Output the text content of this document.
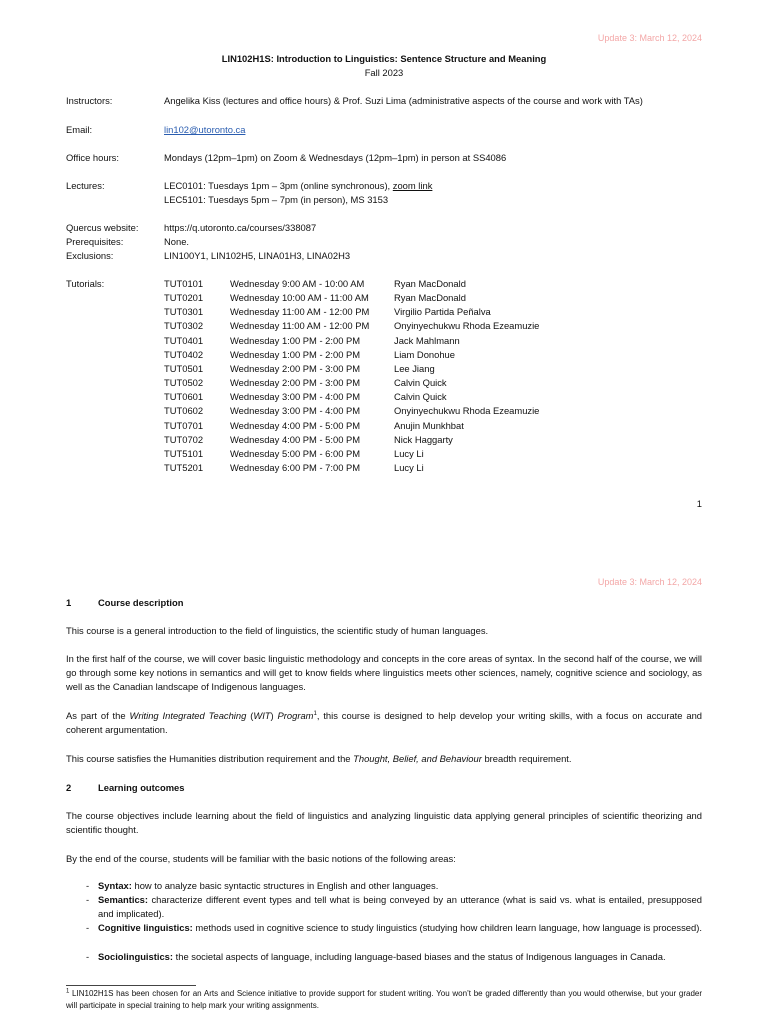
Update 3: March 12, 2024
LIN102H1S: Introduction to Linguistics: Sentence Structure and Meaning
Fall 2023
Instructors:	Angelika Kiss (lectures and office hours) & Prof. Suzi Lima (administrative aspects of the course and work with TAs)
Email:	lin102@utoronto.ca
Office hours:	Mondays (12pm–1pm) on Zoom & Wednesdays (12pm–1pm) in person at SS4086
Lectures:	LEC0101: Tuesdays 1pm – 3pm (online synchronous), zoom link
LEC5101: Tuesdays 5pm – 7pm (in person), MS 3153
Quercus website:	https://q.utoronto.ca/courses/338087
Prerequisites:	None.
Exclusions:	LIN100Y1, LIN102H5, LINA01H3, LINA02H3
Tutorials:	TUT0101	Wednesday 9:00 AM - 10:00 AM	Ryan MacDonald
TUT0201	Wednesday 10:00 AM - 11:00 AM	Ryan MacDonald
TUT0301	Wednesday 11:00 AM - 12:00 PM	Virgilio Partida Peñalva
TUT0302	Wednesday 11:00 AM - 12:00 PM	Onyinyechukwu Rhoda Ezeamuzie
TUT0401	Wednesday 1:00 PM - 2:00 PM	Jack Mahlmann
TUT0402	Wednesday 1:00 PM - 2:00 PM	Liam Donohue
TUT0501	Wednesday 2:00 PM - 3:00 PM	Lee Jiang
TUT0502	Wednesday 2:00 PM - 3:00 PM	Calvin Quick
TUT0601	Wednesday 3:00 PM - 4:00 PM	Calvin Quick
TUT0602	Wednesday 3:00 PM - 4:00 PM	Onyinyechukwu Rhoda Ezeamuzie
TUT0701	Wednesday 4:00 PM - 5:00 PM	Anujin Munkhbat
TUT0702	Wednesday 4:00 PM - 5:00 PM	Nick Haggarty
TUT5101	Wednesday 5:00 PM - 6:00 PM	Lucy Li
TUT5201	Wednesday 6:00 PM - 7:00 PM	Lucy Li
1
Update 3: March 12, 2024
1	Course description
This course is a general introduction to the field of linguistics, the scientific study of human languages.
In the first half of the course, we will cover basic linguistic methodology and concepts in the core areas of syntax. In the second half of the course, we will go through some key notions in semantics and will get to know fields where linguistics meets other sciences, namely, cognitive science and sociology, as well as the Canadian landscape of Indigenous languages.
As part of the Writing Integrated Teaching (WIT) Program$^1$, this course is designed to help develop your writing skills, with a focus on accurate and coherent argumentation.
This course satisfies the Humanities distribution requirement and the Thought, Belief, and Behaviour breadth requirement.
2	Learning outcomes
The course objectives include learning about the field of linguistics and analyzing linguistic data applying general principles of scientific theorizing and scientific thought.
By the end of the course, students will be familiar with the basic notions of the following areas:
- Syntax: how to analyze basic syntactic structures in English and other languages.
- Semantics: characterize different event types and tell what is being conveyed by an utterance (what is said vs. what is entailed, presupposed and implicated).
- Cognitive linguistics: methods used in cognitive science to study linguistics (studying how children learn language, how language is processed).
- Sociolinguistics: the societal aspects of language, including language-based biases and the status of Indigenous languages in Canada.
$^1$ LIN102H1S has been chosen for an Arts and Science initiative to provide support for student writing. You won’t be graded differently than you would otherwise, but your grader will participate in special training to help mark your writing assignments.
